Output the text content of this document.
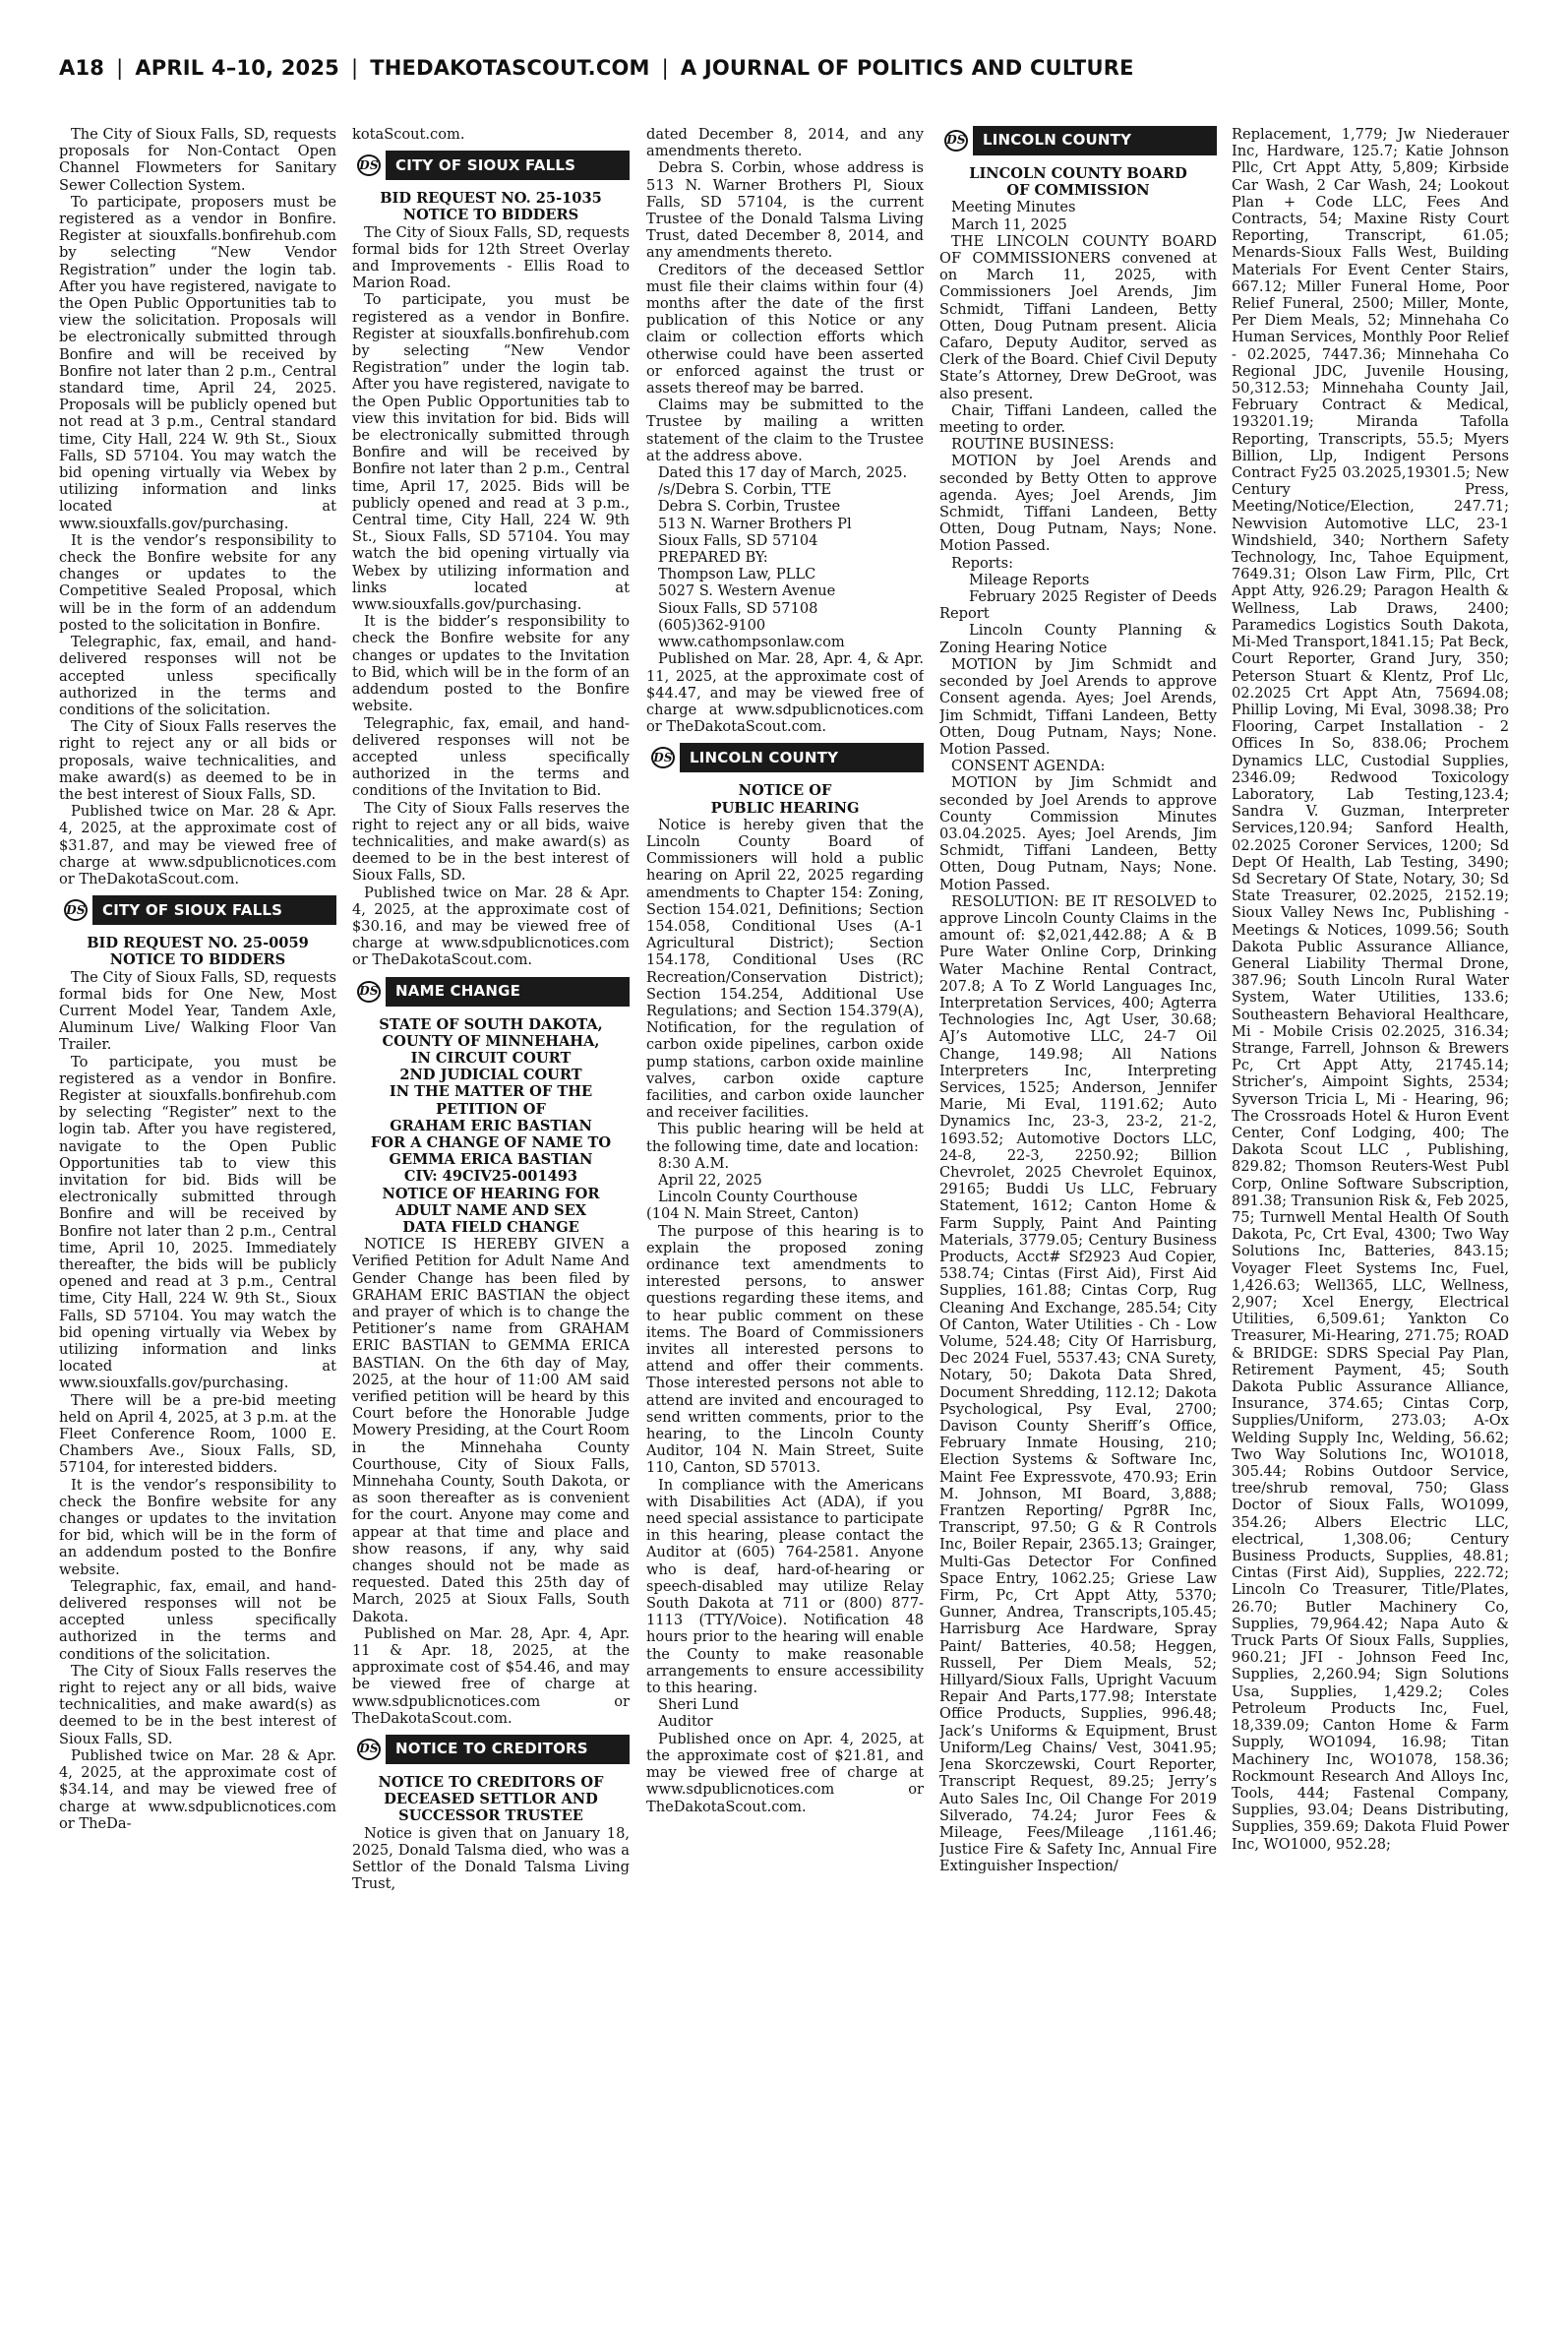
A18 | APRIL 4–10, 2025 | THEDAKOTASCOUT.COM | A JOURNAL OF POLITICS AND CULTURE

The City of Sioux Falls, SD, requests proposals for Non-Contact Open Channel Flowmeters for Sanitary Sewer Collection System.

To participate, proposers must be registered as a vendor in Bonfire. Register at siouxfalls.bonfirehub.com by selecting “New Vendor Registration” under the login tab. After you have registered, navigate to the Open Public Opportunities tab to view the solicitation. Proposals will be electronically submitted through Bonfire and will be received by Bonfire not later than 2 p.m., Central standard time, April 24, 2025. Proposals will be publicly opened but not read at 3 p.m., Central standard time, City Hall, 224 W. 9th St., Sioux Falls, SD 57104. You may watch the bid opening virtually via Webex by utilizing information and links located at www.siouxfalls.gov/purchasing.

It is the vendor’s responsibility to check the Bonfire website for any changes or updates to the Competitive Sealed Proposal, which will be in the form of an addendum posted to the solicitation in Bonfire.

Telegraphic, fax, email, and hand-delivered responses will not be accepted unless specifically authorized in the terms and conditions of the solicitation.

The City of Sioux Falls reserves the right to reject any or all bids or proposals, waive technicalities, and make award(s) as deemed to be in the best interest of Sioux Falls, SD.

Published twice on Mar. 28 & Apr. 4, 2025, at the approximate cost of $31.87, and may be viewed free of charge at www.sdpublicnotices.com or TheDakotaScout.com.

DS CITY OF SIOUX FALLS

BID REQUEST NO. 25-0059

NOTICE TO BIDDERS

The City of Sioux Falls, SD, requests formal bids for One New, Most Current Model Year, Tandem Axle, Aluminum Live/ Walking Floor Van Trailer.

To participate, you must be registered as a vendor in Bonfire. Register at siouxfalls.bonfirehub.com by selecting “Register” next to the login tab. After you have registered, navigate to the Open Public Opportunities tab to view this invitation for bid. Bids will be electronically submitted through Bonfire and will be received by Bonfire not later than 2 p.m., Central time, April 10, 2025. Immediately thereafter, the bids will be publicly opened and read at 3 p.m., Central time, City Hall, 224 W. 9th St., Sioux Falls, SD 57104. You may watch the bid opening virtually via Webex by utilizing information and links located at www.siouxfalls.gov/purchasing.

There will be a pre-bid meeting held on April 4, 2025, at 3 p.m. at the Fleet Conference Room, 1000 E. Chambers Ave., Sioux Falls, SD, 57104, for interested bidders.

It is the vendor’s responsibility to check the Bonfire website for any changes or updates to the invitation for bid, which will be in the form of an addendum posted to the Bonfire website.

Telegraphic, fax, email, and hand-delivered responses will not be accepted unless specifically authorized in the terms and conditions of the solicitation.

The City of Sioux Falls reserves the right to reject any or all bids, waive technicalities, and make award(s) as deemed to be in the best interest of Sioux Falls, SD.

Published twice on Mar. 28 & Apr. 4, 2025, at the approximate cost of $34.14, and may be viewed free of charge at www.sdpublicnotices.com or TheDa-

kotaScout.com.

DS CITY OF SIOUX FALLS

BID REQUEST NO. 25-1035

NOTICE TO BIDDERS

The City of Sioux Falls, SD, requests formal bids for 12th Street Overlay and Improvements - Ellis Road to Marion Road.

To participate, you must be registered as a vendor in Bonfire. Register at siouxfalls.bonfirehub.com by selecting “New Vendor Registration” under the login tab. After you have registered, navigate to the Open Public Opportunities tab to view this invitation for bid. Bids will be electronically submitted through Bonfire and will be received by Bonfire not later than 2 p.m., Central time, April 17, 2025. Bids will be publicly opened and read at 3 p.m., Central time, City Hall, 224 W. 9th St., Sioux Falls, SD 57104. You may watch the bid opening virtually via Webex by utilizing information and links located at www.siouxfalls.gov/purchasing.

It is the bidder’s responsibility to check the Bonfire website for any changes or updates to the Invitation to Bid, which will be in the form of an addendum posted to the Bonfire website.

Telegraphic, fax, email, and hand-delivered responses will not be accepted unless specifically authorized in the terms and conditions of the Invitation to Bid.

The City of Sioux Falls reserves the right to reject any or all bids, waive technicalities, and make award(s) as deemed to be in the best interest of Sioux Falls, SD.

Published twice on Mar. 28 & Apr. 4, 2025, at the approximate cost of $30.16, and may be viewed free of charge at www.sdpublicnotices.com or TheDakotaScout.com.

DS NAME CHANGE

STATE OF SOUTH DAKOTA,

COUNTY OF MINNEHAHA,

IN CIRCUIT COURT

2ND JUDICIAL COURT

IN THE MATTER OF THE

PETITION OF

GRAHAM ERIC BASTIAN

FOR A CHANGE OF NAME TO

GEMMA ERICA BASTIAN

CIV: 49CIV25-001493

NOTICE OF HEARING FOR

ADULT NAME AND SEX

DATA FIELD CHANGE

NOTICE IS HEREBY GIVEN a Verified Petition for Adult Name And Gender Change has been filed by GRAHAM ERIC BASTIAN the object and prayer of which is to change the Petitioner’s name from GRAHAM ERIC BASTIAN to GEMMA ERICA BASTIAN. On the 6th day of May, 2025, at the hour of 11:00 AM said verified petition will be heard by this Court before the Honorable Judge Mowery Presiding, at the Court Room in the Minnehaha County Courthouse, City of Sioux Falls, Minnehaha County, South Dakota, or as soon thereafter as is convenient for the court. Anyone may come and appear at that time and place and show reasons, if any, why said changes should not be made as requested. Dated this 25th day of March, 2025 at Sioux Falls, South Dakota.

Published on Mar. 28, Apr. 4, Apr. 11 & Apr. 18, 2025, at the approximate cost of $54.46, and may be viewed free of charge at www.sdpublicnotices.com or TheDakotaScout.com.

DS NOTICE TO CREDITORS

NOTICE TO CREDITORS OF

DECEASED SETTLOR AND

SUCCESSOR TRUSTEE

Notice is given that on January 18, 2025, Donald Talsma died, who was a Settlor of the Donald Talsma Living Trust,

dated December 8, 2014, and any amendments thereto.

Debra S. Corbin, whose address is 513 N. Warner Brothers Pl, Sioux Falls, SD 57104, is the current Trustee of the Donald Talsma Living Trust, dated December 8, 2014, and any amendments thereto.

Creditors of the deceased Settlor must file their claims within four (4) months after the date of the first publication of this Notice or any claim or collection efforts which otherwise could have been asserted or enforced against the trust or assets thereof may be barred.

Claims may be submitted to the Trustee by mailing a written statement of the claim to the Trustee at the address above.

Dated this 17 day of March, 2025.

/s/Debra S. Corbin, TTE

Debra S. Corbin, Trustee

513 N. Warner Brothers Pl

Sioux Falls, SD 57104

PREPARED BY:

Thompson Law, PLLC

5027 S. Western Avenue

Sioux Falls, SD 57108

(605)362-9100

www.cathompsonlaw.com

Published on Mar. 28, Apr. 4, & Apr. 11, 2025, at the approximate cost of $44.47, and may be viewed free of charge at www.sdpublicnotices.com or TheDakotaScout.com.

DS LINCOLN COUNTY

NOTICE OF

PUBLIC HEARING

Notice is hereby given that the Lincoln County Board of Commissioners will hold a public hearing on April 22, 2025 regarding amendments to Chapter 154: Zoning, Section 154.021, Definitions; Section 154.058, Conditional Uses (A-1 Agricultural District); Section 154.178, Conditional Uses (RC Recreation/Conservation District); Section 154.254, Additional Use Regulations; and Section 154.379(A), Notification, for the regulation of carbon oxide pipelines, carbon oxide pump stations, carbon oxide mainline valves, carbon oxide capture facilities, and carbon oxide launcher and receiver facilities.

This public hearing will be held at the following time, date and location:

8:30 A.M.

April 22, 2025

Lincoln County Courthouse

(104 N. Main Street, Canton)

The purpose of this hearing is to explain the proposed zoning ordinance text amendments to interested persons, to answer questions regarding these items, and to hear public comment on these items. The Board of Commissioners invites all interested persons to attend and offer their comments. Those interested persons not able to attend are invited and encouraged to send written comments, prior to the hearing, to the Lincoln County Auditor, 104 N. Main Street, Suite 110, Canton, SD 57013.

In compliance with the Americans with Disabilities Act (ADA), if you need special assistance to participate in this hearing, please contact the Auditor at (605) 764-2581. Anyone who is deaf, hard-of-hearing or speech-disabled may utilize Relay South Dakota at 711 or (800) 877-1113 (TTY/Voice). Notification 48 hours prior to the hearing will enable the County to make reasonable arrangements to ensure accessibility to this hearing.

Sheri Lund

Auditor

Published once on Apr. 4, 2025, at the approximate cost of $21.81, and may be viewed free of charge at www.sdpublicnotices.com or TheDakotaScout.com.

DS LINCOLN COUNTY

LINCOLN COUNTY BOARD

OF COMMISSION

Meeting Minutes

March 11, 2025

THE LINCOLN COUNTY BOARD OF COMMISSIONERS convened at on March 11, 2025, with Commissioners Joel Arends, Jim Schmidt, Tiffani Landeen, Betty Otten, Doug Putnam present. Alicia Cafaro, Deputy Auditor, served as Clerk of the Board. Chief Civil Deputy State’s Attorney, Drew DeGroot, was also present.

Chair, Tiffani Landeen, called the meeting to order.

ROUTINE BUSINESS:

MOTION by Joel Arends and seconded by Betty Otten to approve agenda. Ayes; Joel Arends, Jim Schmidt, Tiffani Landeen, Betty Otten, Doug Putnam, Nays; None. Motion Passed.

Reports:

Mileage Reports

February 2025 Register of Deeds Report

Lincoln County Planning & Zoning Hearing Notice

MOTION by Jim Schmidt and seconded by Joel Arends to approve Consent agenda. Ayes; Joel Arends, Jim Schmidt, Tiffani Landeen, Betty Otten, Doug Putnam, Nays; None. Motion Passed.

CONSENT AGENDA:

MOTION by Jim Schmidt and seconded by Joel Arends to approve County Commission Minutes 03.04.2025. Ayes; Joel Arends, Jim Schmidt, Tiffani Landeen, Betty Otten, Doug Putnam, Nays; None. Motion Passed.

RESOLUTION: BE IT RESOLVED to approve Lincoln County Claims in the amount of: $2,021,442.88; A & B Pure Water Online Corp, Drinking Water Machine Rental Contract, 207.8; A To Z World Languages Inc, Interpretation Services, 400; Agterra Technologies Inc, Agt User, 30.68; AJ’s Automotive LLC, 24-7 Oil Change, 149.98; All Nations Interpreters Inc, Interpreting Services, 1525; Anderson, Jennifer Marie, Mi Eval, 1191.62; Auto Dynamics Inc, 23-3, 23-2, 21-2, 1693.52; Automotive Doctors LLC, 24-8, 22-3, 2250.92; Billion Chevrolet, 2025 Chevrolet Equinox, 29165; Buddi Us LLC, February Statement, 1612; Canton Home & Farm Supply, Paint And Painting Materials, 3779.05; Century Business Products, Acct# Sf2923 Aud Copier, 538.74; Cintas (First Aid), First Aid Supplies, 161.88; Cintas Corp, Rug Cleaning And Exchange, 285.54; City Of Canton, Water Utilities - Ch - Low Volume, 524.48; City Of Harrisburg, Dec 2024 Fuel, 5537.43; CNA Surety, Notary, 50; Dakota Data Shred, Document Shredding, 112.12; Dakota Psychological, Psy Eval, 2700; Davison County Sheriff’s Office, February Inmate Housing, 210; Election Systems & Software Inc, Maint Fee Expressvote, 470.93; Erin M. Johnson, MI Board, 3,888; Frantzen Reporting/ Pgr8R Inc, Transcript, 97.50; G & R Controls Inc, Boiler Repair, 2365.13; Grainger, Multi-Gas Detector For Confined Space Entry, 1062.25; Griese Law Firm, Pc, Crt Appt Atty, 5370; Gunner, Andrea, Transcripts,105.45; Harrisburg Ace Hardware, Spray Paint/ Batteries, 40.58; Heggen, Russell, Per Diem Meals, 52; Hillyard/Sioux Falls, Upright Vacuum Repair And Parts,177.98; Interstate Office Products, Supplies, 996.48; Jack’s Uniforms & Equipment, Brust Uniform/Leg Chains/ Vest, 3041.95; Jena Skorczewski, Court Reporter, Transcript Request, 89.25; Jerry’s Auto Sales Inc, Oil Change For 2019 Silverado, 74.24; Juror Fees & Mileage, Fees/Mileage ,1161.46; Justice Fire & Safety Inc, Annual Fire Extinguisher Inspection/

Replacement, 1,779; Jw Niederauer Inc, Hardware, 125.7; Katie Johnson Pllc, Crt Appt Atty, 5,809; Kirbside Car Wash, 2 Car Wash, 24; Lookout Plan + Code LLC, Fees And Contracts, 54; Maxine Risty Court Reporting, Transcript, 61.05; Menards-Sioux Falls West, Building Materials For Event Center Stairs, 667.12; Miller Funeral Home, Poor Relief Funeral, 2500; Miller, Monte, Per Diem Meals, 52; Minnehaha Co Human Services, Monthly Poor Relief - 02.2025, 7447.36; Minnehaha Co Regional JDC, Juvenile Housing, 50,312.53; Minnehaha County Jail, February Contract & Medical, 193201.19; Miranda Tafolla Reporting, Transcripts, 55.5; Myers Billion, Llp, Indigent Persons Contract Fy25 03.2025,19301.5; New Century Press, Meeting/Notice/Election, 247.71; Newvision Automotive LLC, 23-1 Windshield, 340; Northern Safety Technology, Inc, Tahoe Equipment, 7649.31; Olson Law Firm, Pllc, Crt Appt Atty, 926.29; Paragon Health & Wellness, Lab Draws, 2400; Paramedics Logistics South Dakota, Mi-Med Transport,1841.15; Pat Beck, Court Reporter, Grand Jury, 350; Peterson Stuart & Klentz, Prof Llc, 02.2025 Crt Appt Atn, 75694.08; Phillip Loving, Mi Eval, 3098.38; Pro Flooring, Carpet Installation - 2 Offices In So, 838.06; Prochem Dynamics LLC, Custodial Supplies, 2346.09; Redwood Toxicology Laboratory, Lab Testing,123.4; Sandra V. Guzman, Interpreter Services,120.94; Sanford Health, 02.2025 Coroner Services, 1200; Sd Dept Of Health, Lab Testing, 3490; Sd Secretary Of State, Notary, 30; Sd State Treasurer, 02.2025, 2152.19; Sioux Valley News Inc, Publishing - Meetings & Notices, 1099.56; South Dakota Public Assurance Alliance, General Liability Thermal Drone, 387.96; South Lincoln Rural Water System, Water Utilities, 133.6; Southeastern Behavioral Healthcare, Mi - Mobile Crisis 02.2025, 316.34; Strange, Farrell, Johnson & Brewers Pc, Crt Appt Atty, 21745.14; Stricher’s, Aimpoint Sights, 2534; Syverson Tricia L, Mi - Hearing, 96; The Crossroads Hotel & Huron Event Center, Conf Lodging, 400; The Dakota Scout LLC , Publishing, 829.82; Thomson Reuters-West Publ Corp, Online Software Subscription, 891.38; Transunion Risk &, Feb 2025, 75; Turnwell Mental Health Of South Dakota, Pc, Crt Eval, 4300; Two Way Solutions Inc, Batteries, 843.15; Voyager Fleet Systems Inc, Fuel, 1,426.63; Well365, LLC, Wellness, 2,907; Xcel Energy, Electrical Utilities, 6,509.61; Yankton Co Treasurer, Mi-Hearing, 271.75; ROAD & BRIDGE: SDRS Special Pay Plan, Retirement Payment, 45; South Dakota Public Assurance Alliance, Insurance, 374.65; Cintas Corp, Supplies/Uniform, 273.03; A-Ox Welding Supply Inc, Welding, 56.62; Two Way Solutions Inc, WO1018, 305.44; Robins Outdoor Service, tree/shrub removal, 750; Glass Doctor of Sioux Falls, WO1099, 354.26; Albers Electric LLC, electrical, 1,308.06; Century Business Products, Supplies, 48.81; Cintas (First Aid), Supplies, 222.72; Lincoln Co Treasurer, Title/Plates, 26.70; Butler Machinery Co, Supplies, 79,964.42; Napa Auto & Truck Parts Of Sioux Falls, Supplies, 960.21; JFI - Johnson Feed Inc, Supplies, 2,260.94; Sign Solutions Usa, Supplies, 1,429.2; Coles Petroleum Products Inc, Fuel, 18,339.09; Canton Home & Farm Supply, WO1094, 16.98; Titan Machinery Inc, WO1078, 158.36; Rockmount Research And Alloys Inc, Tools, 444; Fastenal Company, Supplies, 93.04; Deans Distributing, Supplies, 359.69; Dakota Fluid Power Inc, WO1000, 952.28;
